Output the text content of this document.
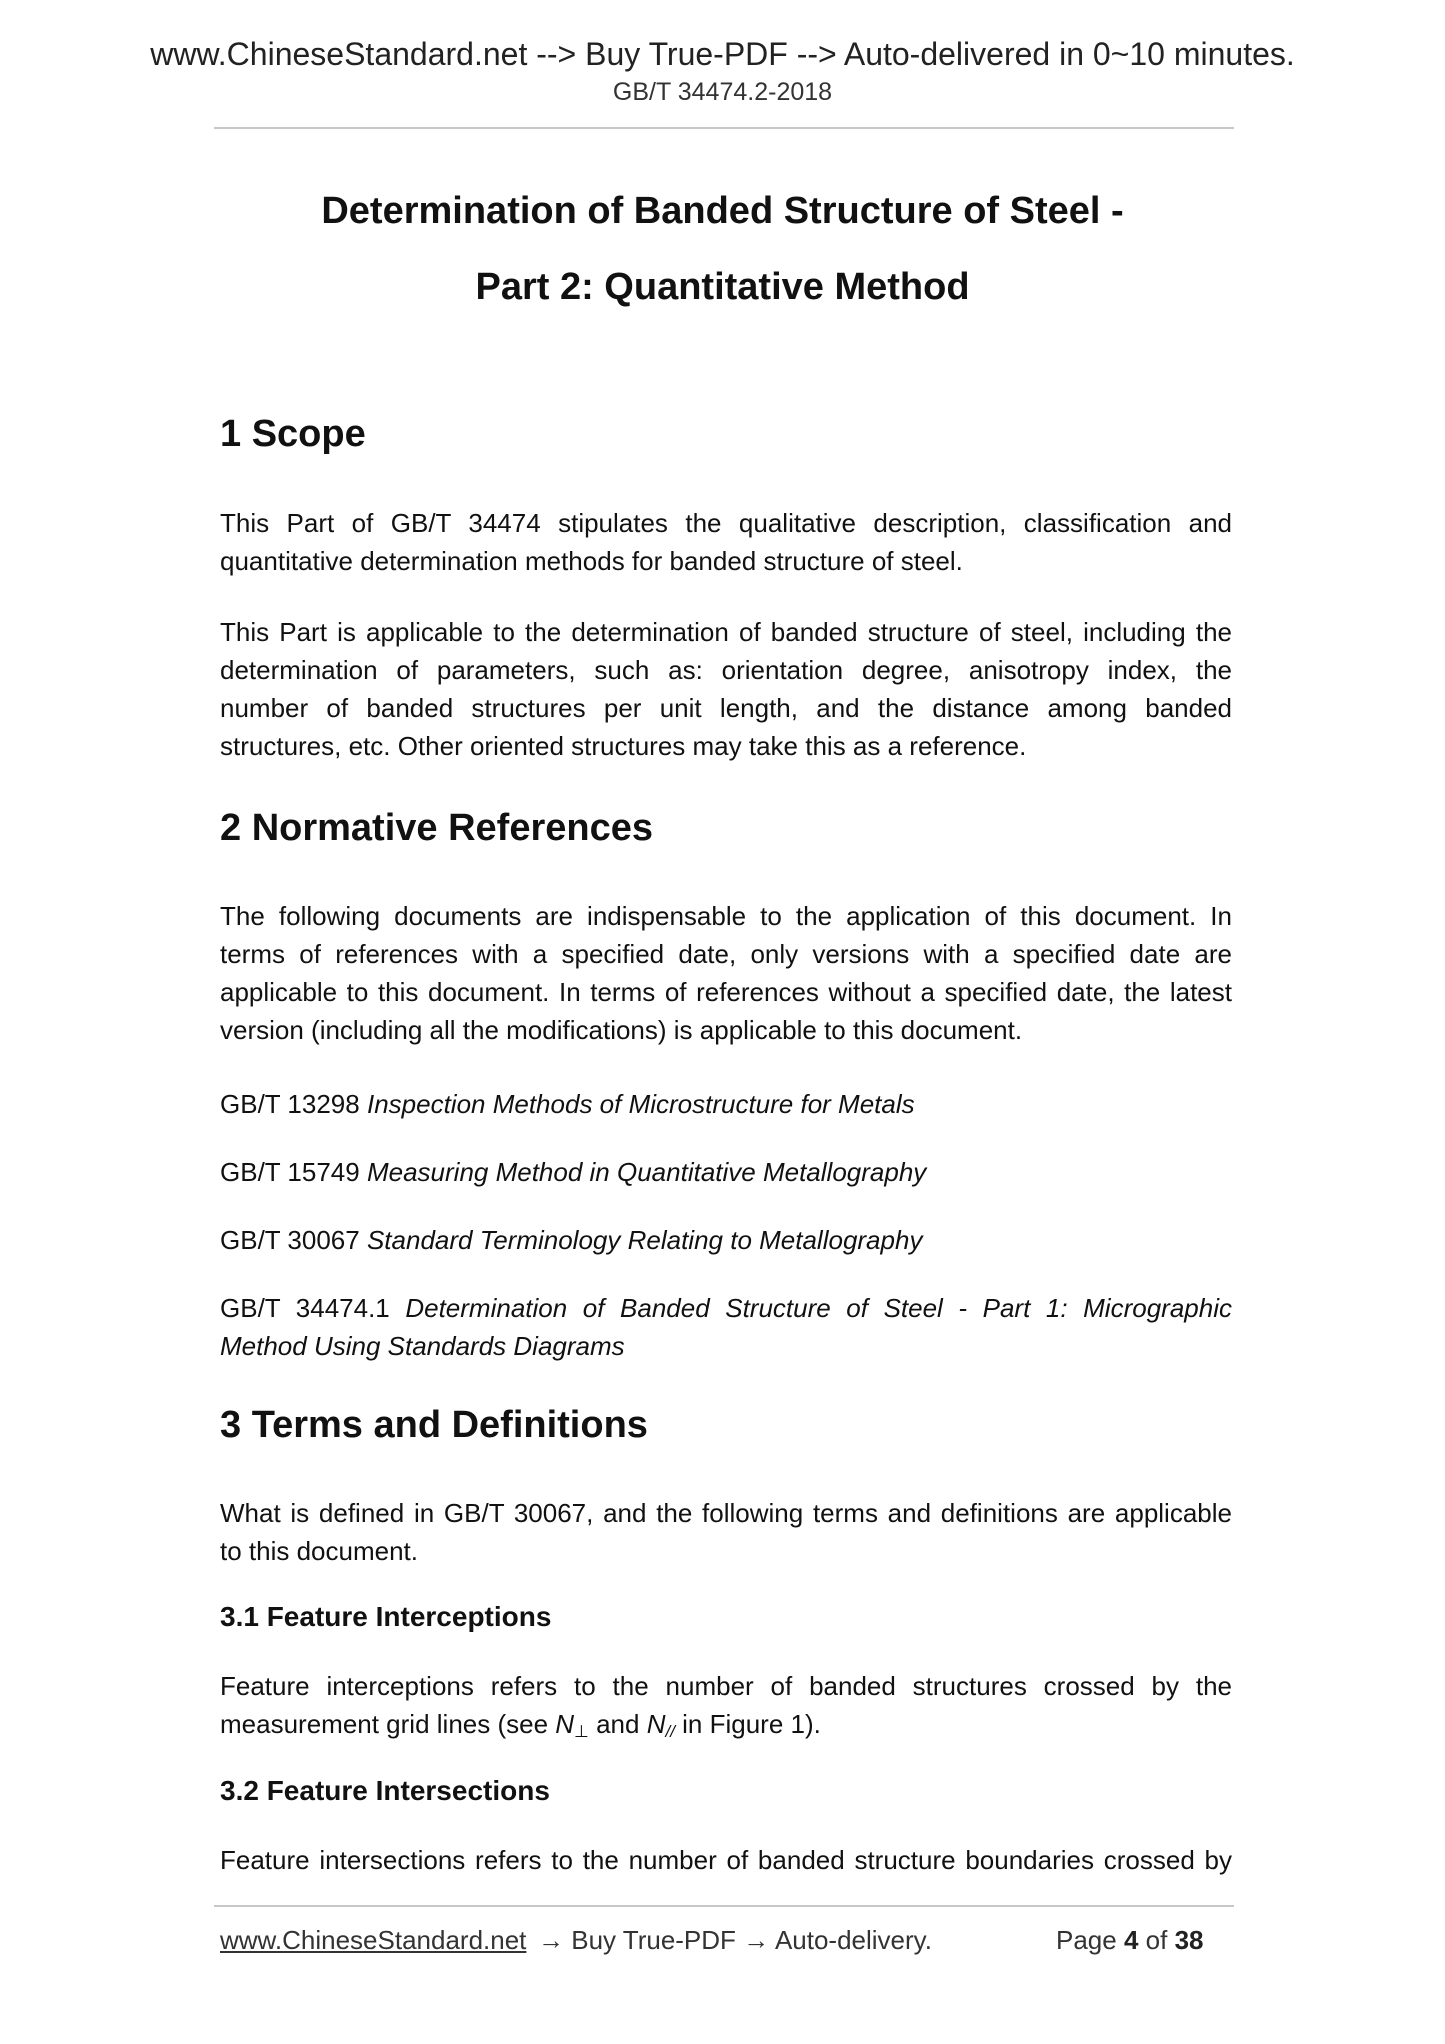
www.ChineseStandard.net --> Buy True-PDF --> Auto-delivered in 0~10 minutes.
GB/T 34474.2-2018
Determination of Banded Structure of Steel -
Part 2: Quantitative Method
1 Scope
This Part of GB/T 34474 stipulates the qualitative description, classification and
quantitative determination methods for banded structure of steel.
This Part is applicable to the determination of banded structure of steel, including the
determination of parameters, such as: orientation degree, anisotropy index, the
number of banded structures per unit length, and the distance among banded
structures, etc. Other oriented structures may take this as a reference.
2 Normative References
The following documents are indispensable to the application of this document. In
terms of references with a specified date, only versions with a specified date are
applicable to this document. In terms of references without a specified date, the latest
version (including all the modifications) is applicable to this document.
GB/T 13298 Inspection Methods of Microstructure for Metals
GB/T 15749 Measuring Method in Quantitative Metallography
GB/T 30067 Standard Terminology Relating to Metallography
GB/T 34474.1 Determination of Banded Structure of Steel - Part 1: Micrographic
Method Using Standards Diagrams
3 Terms and Definitions
What is defined in GB/T 30067, and the following terms and definitions are applicable
to this document.
3.1 Feature Interceptions
Feature interceptions refers to the number of banded structures crossed by the
measurement grid lines (see $N_\perp$ and $N_{//}$ in Figure 1).
3.2 Feature Intersections
Feature intersections refers to the number of banded structure boundaries crossed by
www.ChineseStandard.net → Buy True-PDF → Auto-delivery.	Page 4 of 38
